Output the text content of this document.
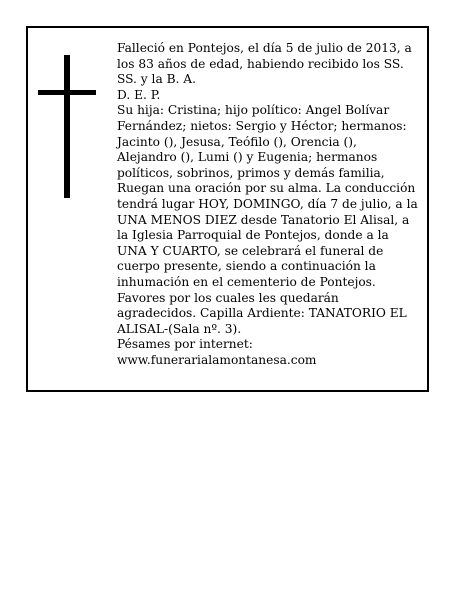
Falleció en Pontejos, el día 5 de julio de 2013, a los 83 años de edad, habiendo recibido los SS. SS. y la B. A.

D. E. P.

Su hija: Cristina; hijo político: Angel Bolívar Fernández; nietos: Sergio y Héctor; hermanos: Jacinto (), Jesusa, Teófilo (), Orencia (), Alejandro (), Lumi () y Eugenia; hermanos políticos, sobrinos, primos y demás familia,

Ruegan una oración por su alma. La conducción tendrá lugar HOY, DOMINGO, día 7 de julio, a la UNA MENOS DIEZ desde Tanatorio El Alisal, a la Iglesia Parroquial de Pontejos, donde a la UNA Y CUARTO, se celebrará el funeral de cuerpo presente, siendo a continuación la inhumación en el cementerio de Pontejos. Favores por los cuales les quedarán agradecidos. Capilla Ardiente: TANATORIO EL ALISAL-(Sala nº. 3).

Pésames por internet: www.funerarialamontanesa.com
